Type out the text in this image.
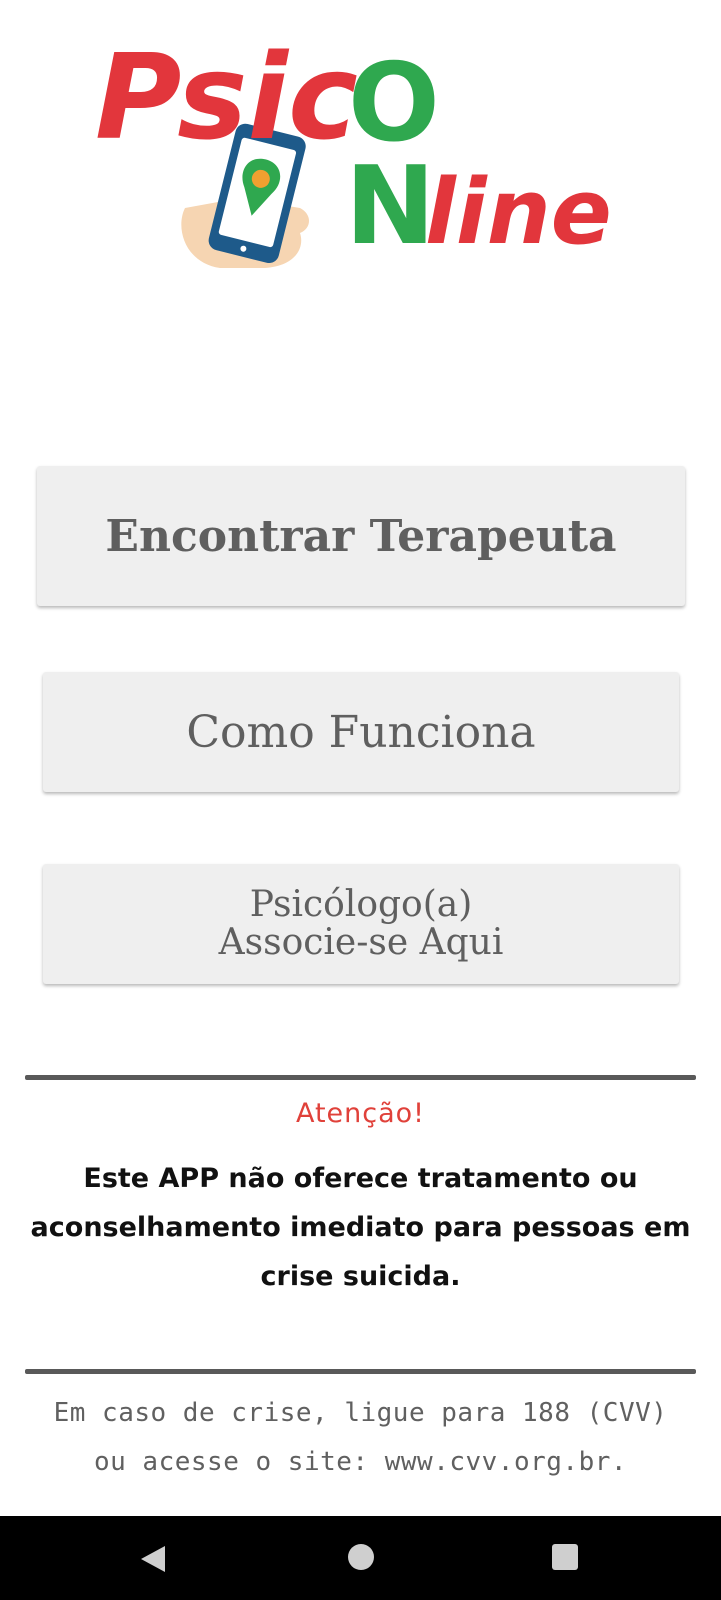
Psic
O
N
line
Encontrar Terapeuta
Como Funciona
Psicólogo(a)
Associe-se Aqui
Atenção!
Este APP não oferece tratamento ou aconselhamento imediato para pessoas em crise suicida.
Em caso de crise, ligue para 188 (CVV) ou acesse o site: www.cvv.org.br.
